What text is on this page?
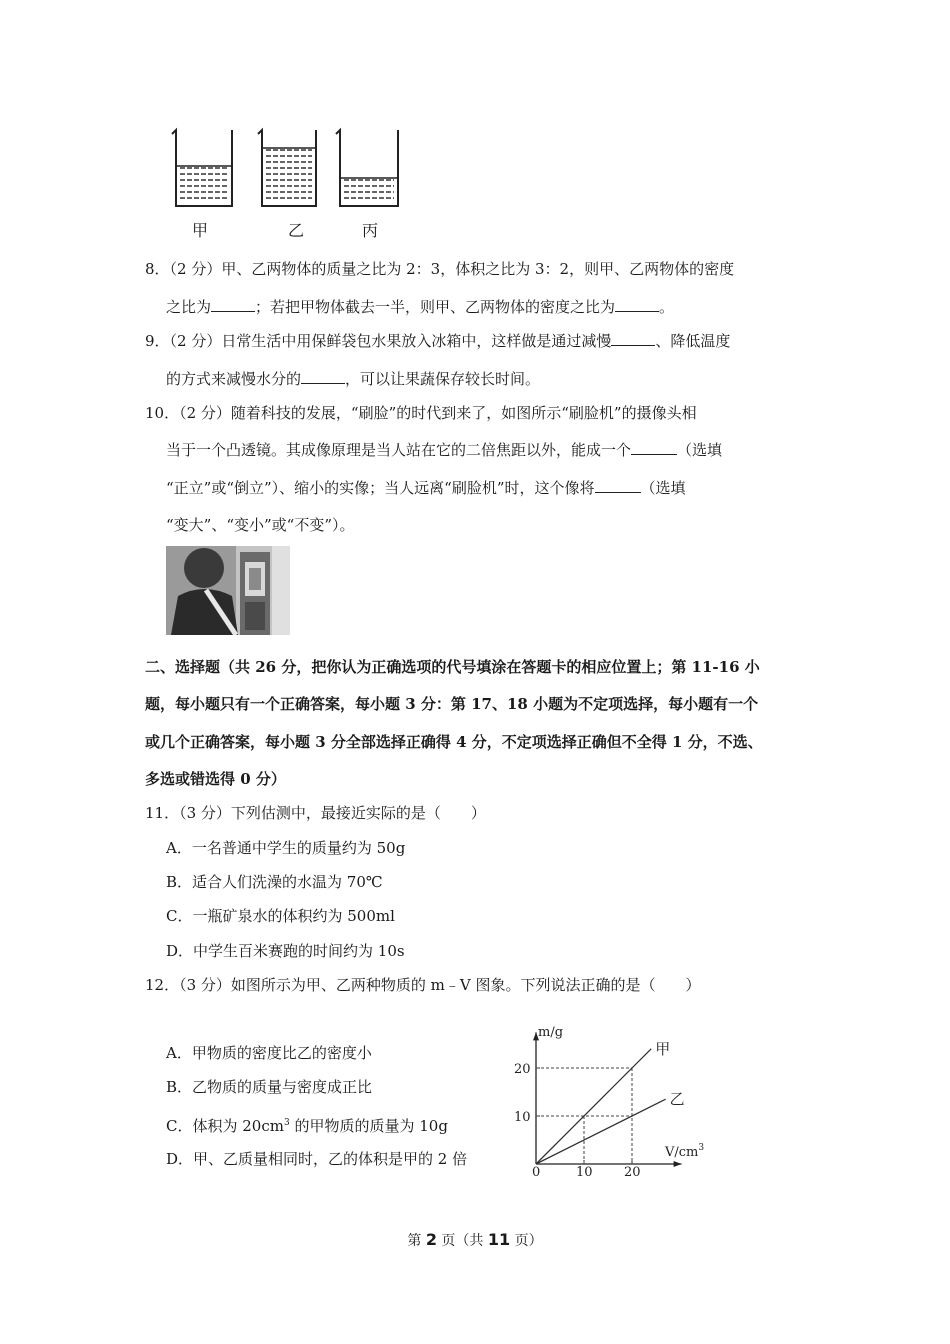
甲	乙	丙
8．（2 分）甲、乙两物体的质量之比为 2：3，体积之比为 3：2，则甲、乙两物体的密度
之比为	；若把甲物体截去一半，则甲、乙两物体的密度之比为	。
9．（2 分）日常生活中用保鲜袋包水果放入冰箱中，这样做是通过减慢	、降低温度
的方式来减慢水分的	，可以让果蔬保存较长时间。
10．（2 分）随着科技的发展，“刷脸”的时代到来了，如图所示“刷脸机”的摄像头相
当于一个凸透镜。其成像原理是当人站在它的二倍焦距以外，能成一个	（选填
“正立”或“倒立”）、缩小的实像；当人远离“刷脸机”时，这个像将	（选填
“变大”、“变小”或“不变”）。
二、选择题（共 26 分，把你认为正确选项的代号填涂在答题卡的相应位置上；第 11-16 小
题，每小题只有一个正确答案，每小题 3 分：第 17、18 小题为不定项选择，每小题有一个
或几个正确答案，每小题 3 分全部选择正确得 4 分，不定项选择正确但不全得 1 分，不选、
多选或错选得 0 分）
11．（3 分）下列估测中，最接近实际的是（　　）
A．一名普通中学生的质量约为 50g
B．适合人们洗澡的水温为 70℃
C．一瓶矿泉水的体积约为 500ml
D．中学生百米赛跑的时间约为 10s
12．（3 分）如图所示为甲、乙两种物质的 m﹣V 图象。下列说法正确的是（　　）
A．甲物质的密度比乙的密度小
B．乙物质的质量与密度成正比
C．体积为 $20cm^3$ 的甲物质的质量为 10g
D．甲、乙质量相同时，乙的体积是甲的 2 倍
m/g
$V/cm^3$
0	10 20
10
20
甲
乙
第 2 页（共 11 页）
